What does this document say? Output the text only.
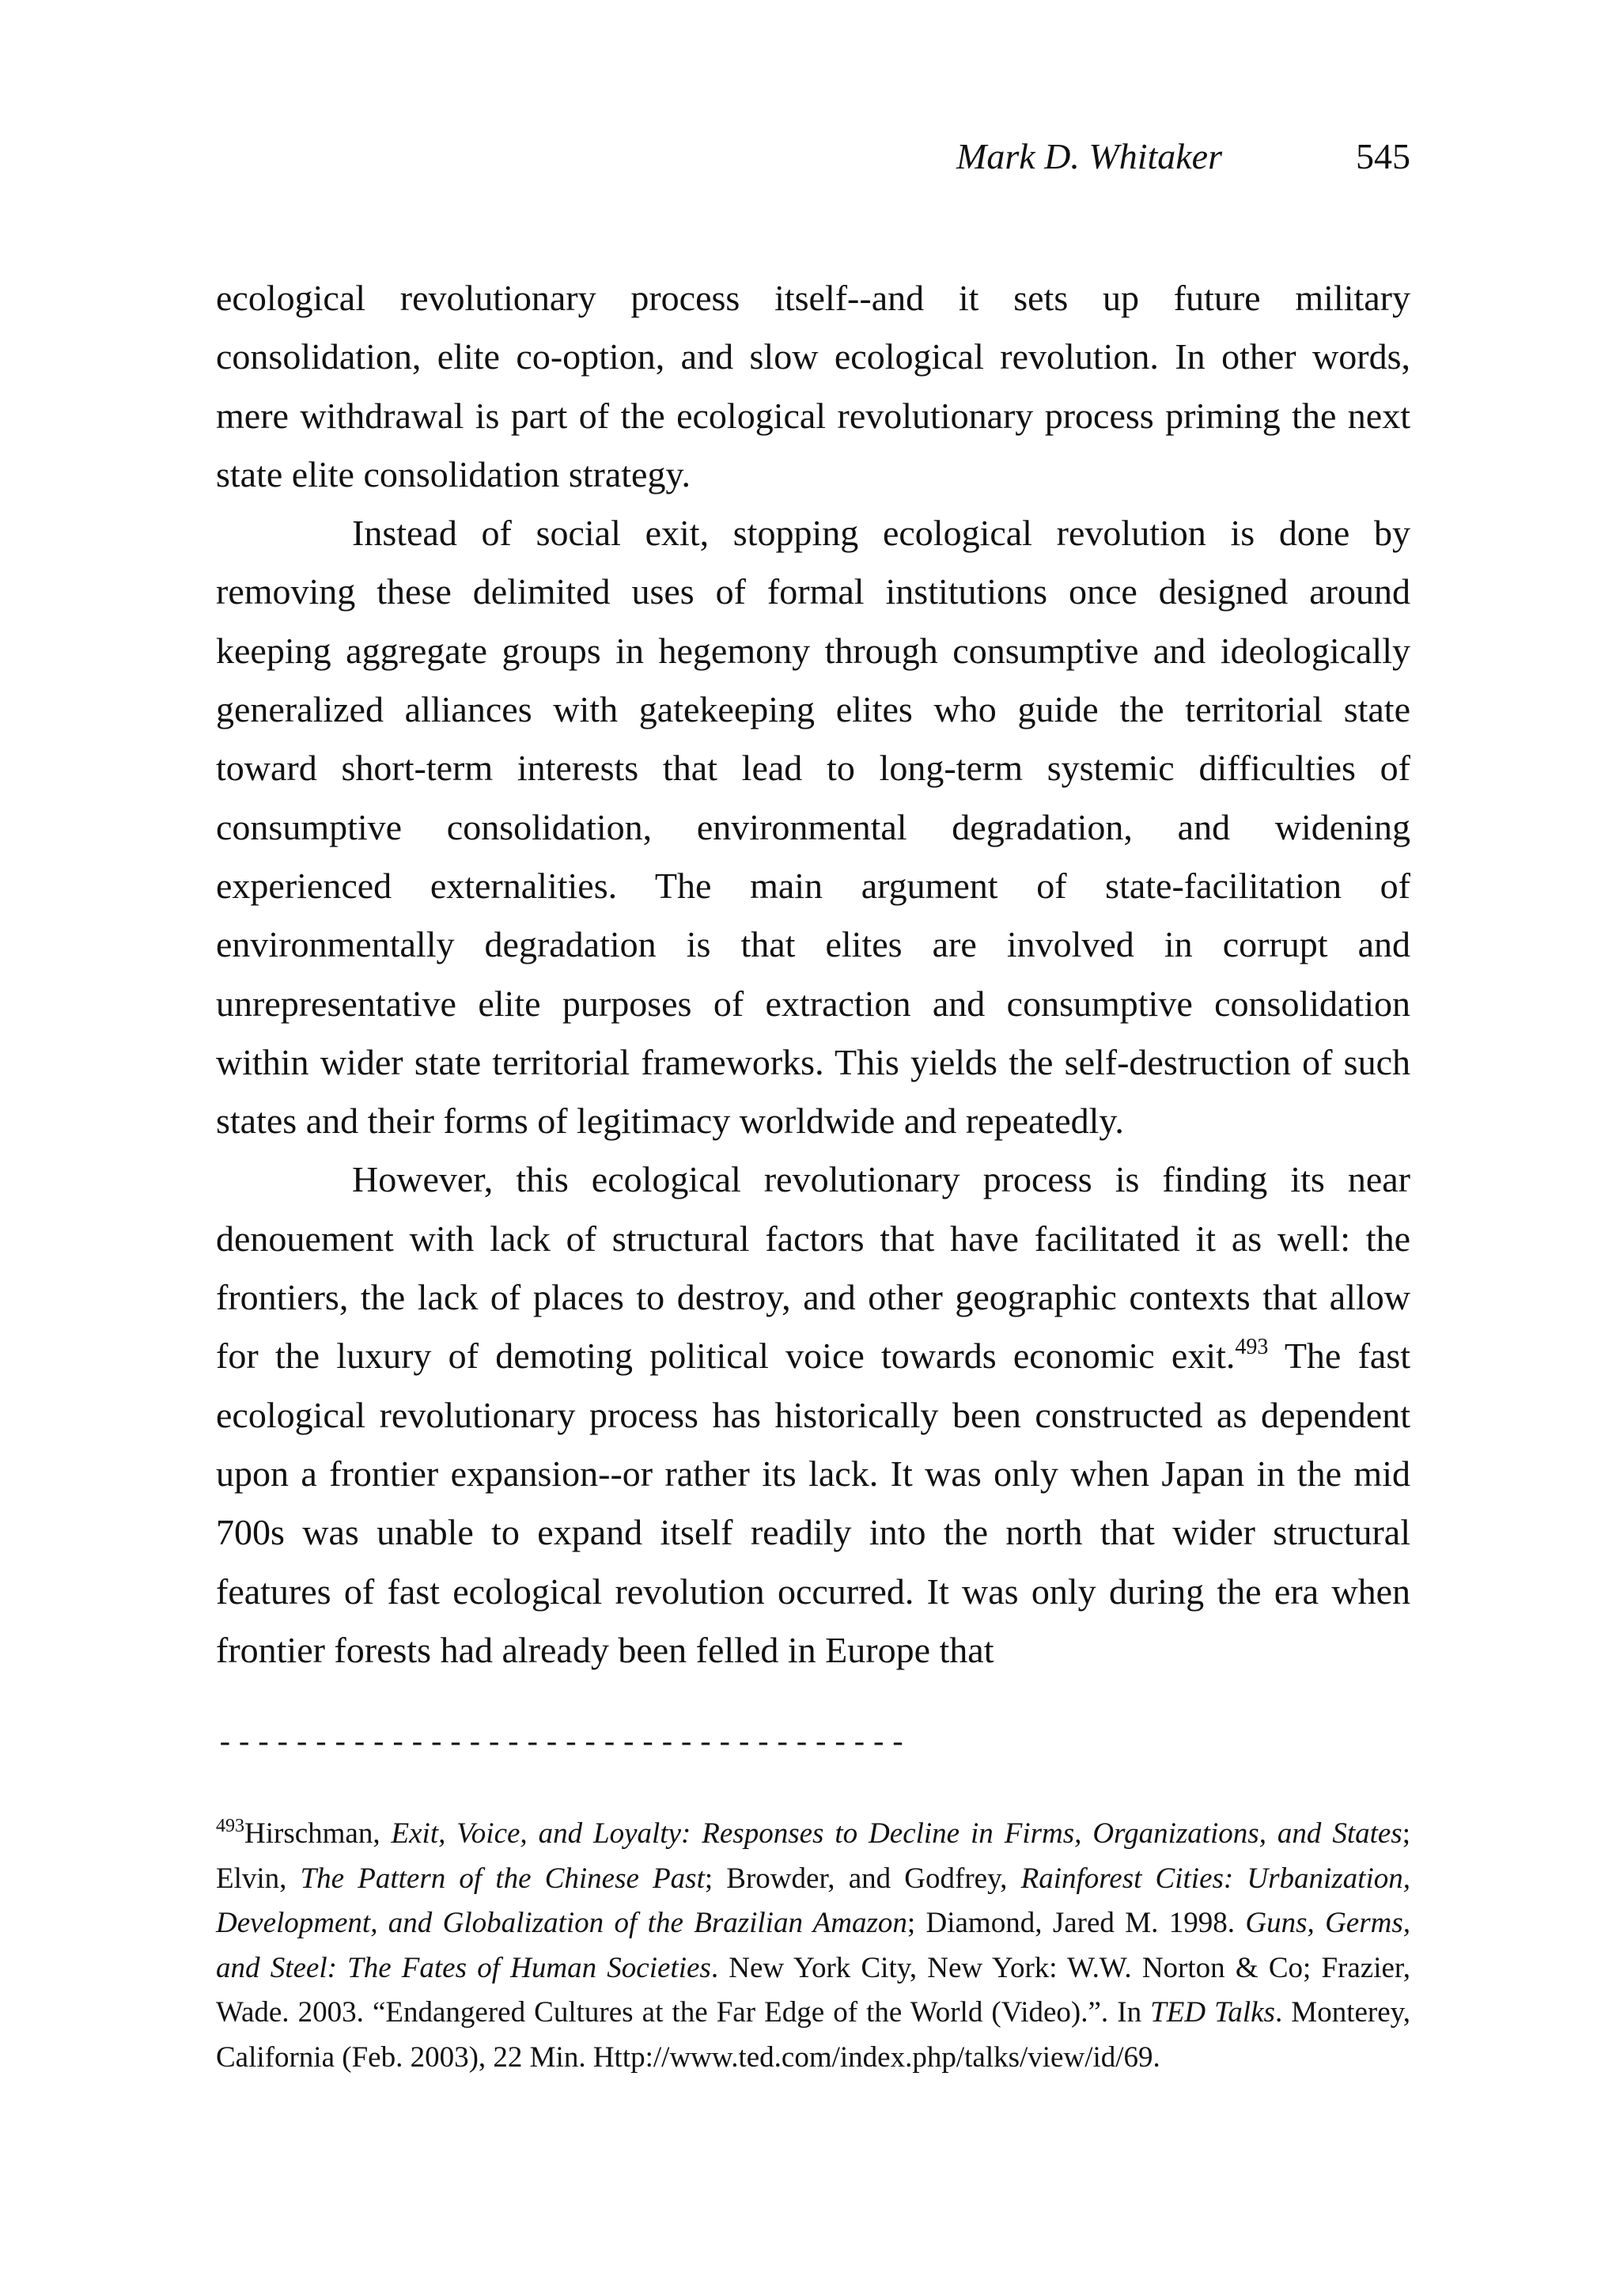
Mark D. Whitaker	545

ecological revolutionary process itself--and it sets up future military consolidation, elite co-option, and slow ecological revolution. In other words, mere withdrawal is part of the ecological revolutionary process priming the next state elite consolidation strategy.

Instead of social exit, stopping ecological revolution is done by removing these delimited uses of formal institutions once designed around keeping aggregate groups in hegemony through consumptive and ideologically generalized alliances with gatekeeping elites who guide the territorial state toward short-term interests that lead to long-term systemic difficulties of consumptive consolidation, environmental degradation, and widening experienced externalities. The main argument of state-facilitation of environmentally degradation is that elites are involved in corrupt and unrepresentative elite purposes of extraction and consumptive consolidation within wider state territorial frameworks. This yields the self-destruction of such states and their forms of legitimacy worldwide and repeatedly.

However, this ecological revolutionary process is finding its near denouement with lack of structural factors that have facilitated it as well: the frontiers, the lack of places to destroy, and other geographic contexts that allow for the luxury of demoting political voice towards economic exit.$^{493}$ The fast ecological revolutionary process has historically been constructed as dependent upon a frontier expansion--or rather its lack. It was only when Japan in the mid 700s was unable to expand itself readily into the north that wider structural features of fast ecological revolution occurred. It was only during the era when frontier forests had already been felled in Europe that

------------------------------------

$^{493}$Hirschman, Exit, Voice, and Loyalty: Responses to Decline in Firms, Organizations, and States; Elvin, The Pattern of the Chinese Past; Browder, and Godfrey, Rainforest Cities: Urbanization, Development, and Globalization of the Brazilian Amazon; Diamond, Jared M. 1998. Guns, Germs, and Steel: The Fates of Human Societies. New York City, New York: W.W. Norton & Co; Frazier, Wade. 2003. “Endangered Cultures at the Far Edge of the World (Video).”. In TED Talks. Monterey, California (Feb. 2003), 22 Min. Http://www.ted.com/index.php/talks/view/id/69.
